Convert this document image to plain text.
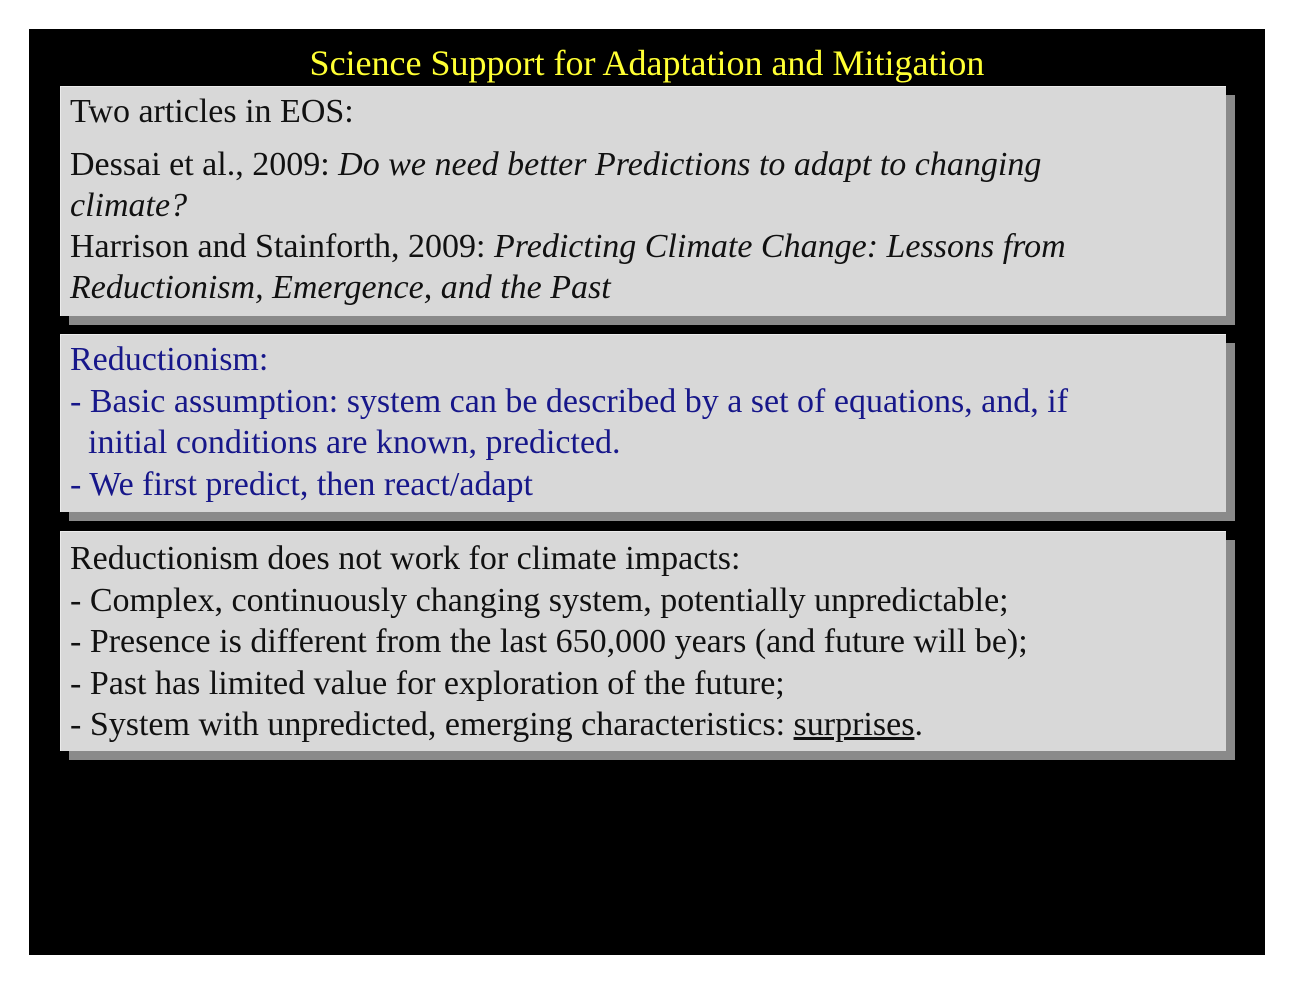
Science Support for Adaptation and Mitigation
Two articles in EOS:
Dessai et al., 2009: Do we need better Predictions to adapt to changing
climate?
Harrison and Stainforth, 2009: Predicting Climate Change: Lessons from
Reductionism, Emergence, and the Past
Reductionism:
- Basic assumption: system can be described by a set of equations, and, if
initial conditions are known, predicted.
- We first predict, then react/adapt
Reductionism does not work for climate impacts:
- Complex, continuously changing system, potentially unpredictable;
- Presence is different from the last 650,000 years (and future will be);
- Past has limited value for exploration of the future;
- System with unpredicted, emerging characteristics: surprises.
